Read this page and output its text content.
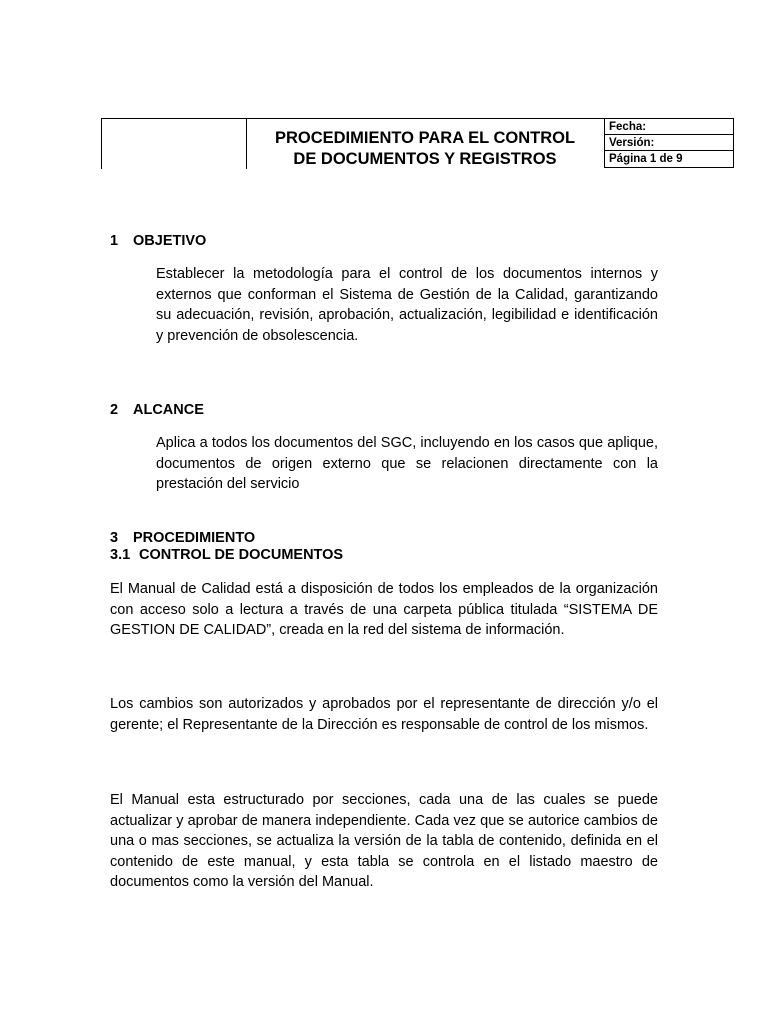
PROCEDIMIENTO PARA EL CONTROL
DE DOCUMENTOS Y REGISTROS
Fecha:
Versión:
Página 1 de 9
1 OBJETIVO
Establecer la metodología para el control de los documentos internos y externos que conforman el Sistema de Gestión de la Calidad, garantizando su adecuación, revisión, aprobación, actualización, legibilidad e identificación y prevención de obsolescencia.
2 ALCANCE
Aplica a todos los documentos del SGC, incluyendo en los casos que aplique, documentos de origen externo que se relacionen directamente con la prestación del servicio
3 PROCEDIMIENTO
3.1 CONTROL DE DOCUMENTOS
El Manual de Calidad está a disposición de todos los empleados de la organización con acceso solo a lectura a través de una carpeta pública titulada “SISTEMA DE GESTION DE CALIDAD”, creada en la red del sistema de información.
Los cambios son autorizados y aprobados por el representante de dirección y/o el gerente; el Representante de la Dirección es responsable de control de los mismos.
El Manual esta estructurado por secciones, cada una de las cuales se puede actualizar y aprobar de manera independiente. Cada vez que se autorice cambios de una o mas secciones, se actualiza la versión de la tabla de contenido, definida en el contenido de este manual, y esta tabla se controla en el listado maestro de documentos como la versión del Manual.
